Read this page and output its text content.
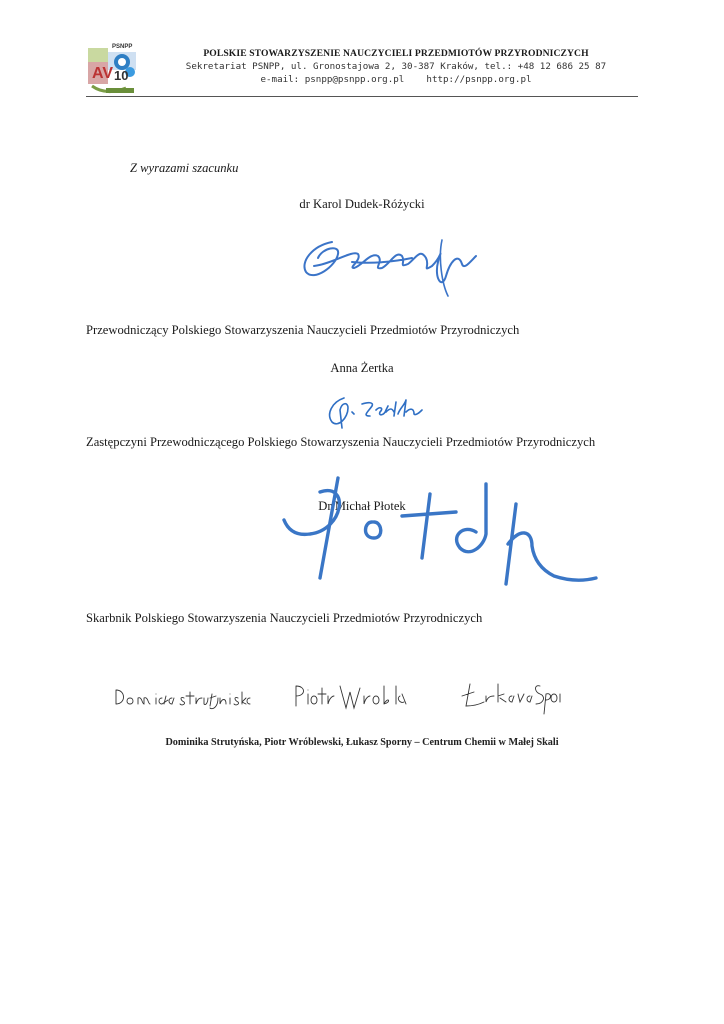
AV 10
PSNPP
POLSKIE STOWARZYSZENIE NAUCZYCIELI PRZEDMIOTÓW PRZYRODNICZYCH
Sekretariat PSNPP, ul. Gronostajowa 2, 30-387 Kraków, tel.: +48 12 686 25 87
e-mail: psnpp@psnpp.org.pl    http://psnpp.org.pl
Z wyrazami szacunku
dr Karol Dudek-Różycki
Przewodniczący Polskiego Stowarzyszenia Nauczycieli Przedmiotów Przyrodniczych
Anna Żertka
Zastępczyni Przewodniczącego Polskiego Stowarzyszenia Nauczycieli Przedmiotów Przyrodniczych
Dr Michał Płotek
Skarbnik Polskiego Stowarzyszenia Nauczycieli Przedmiotów Przyrodniczych
Dominika Strutyńska, Piotr Wróblewski, Łukasz Sporny – Centrum Chemii w Małej Skali
